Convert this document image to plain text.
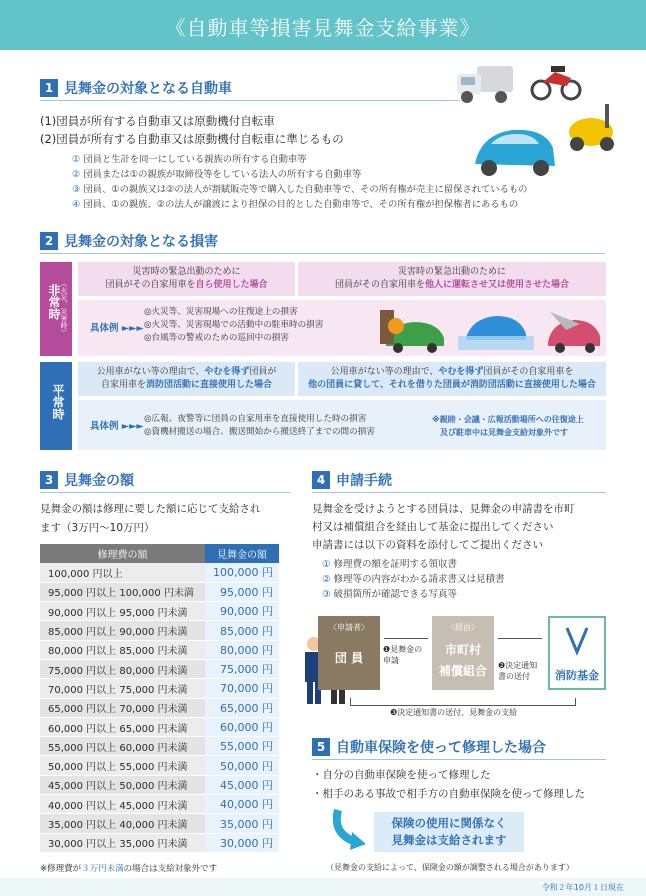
《自動車等損害見舞金支給事業》
1 見舞金の対象となる自動車
(1)団員が所有する自動車又は原動機付自転車
(2)団員が所有する自動車又は原動機付自転車に準じるもの
① 団員と生計を同一にしている親族の所有する自動車等
② 団員または①の親族が取締役等をしている法人の所有する自動車等
③ 団員、①の親族又は②の法人が割賦販売等で購入した自動車等で、その所有権が売主に留保されているもの
④ 団員、①の親族、②の法人が譲渡により担保の目的とした自動車等で、その所有権が担保権者にあるもの
2 見舞金の対象となる損害
非常時 （火災、災害時）
災害時の緊急出動のために
団員がその自家用車を自ら使用した場合
災害時の緊急出動のために
団員がその自家用車を他人に運転させ又は使用させた場合
具体例 ►►►
◎火災等、災害現場への往復途上の損害
◎火災等、災害現場での活動中の駐車時の損害
◎台風等の警戒のための巡回中の損害
平常時
公用車がない等の理由で、やむを得ず団員が
自家用車を消防団活動に直接使用した場合
公用車がない等の理由で、やむを得ず団員がその自家用車を
他の団員に貸して、それを借りた団員が消防団活動に直接使用した場合
具体例 ►►►
◎広報、夜警等に団員の自家用車を直接使用した時の損害
◎資機材搬送の場合、搬送開始から搬送終了までの間の損害
※親睦・会議・広報活動場所への往復途上
及び駐車中は見舞金支給対象外です
3 見舞金の額
見舞金の額は修理に要した額に応じて支給され
ます（3万円〜10万円）
修理費の額	見舞金の額
100,000 円以上	100,000 円
95,000 円以上 100,000 円未満	95,000 円
90,000 円以上 95,000 円未満	90,000 円
85,000 円以上 90,000 円未満	85,000 円
80,000 円以上 85,000 円未満	80,000 円
75,000 円以上 80,000 円未満	75,000 円
70,000 円以上 75,000 円未満	70,000 円
65,000 円以上 70,000 円未満	65,000 円
60,000 円以上 65,000 円未満	60,000 円
55,000 円以上 60,000 円未満	55,000 円
50,000 円以上 55,000 円未満	50,000 円
45,000 円以上 50,000 円未満	45,000 円
40,000 円以上 45,000 円未満	40,000 円
35,000 円以上 40,000 円未満	35,000 円
30,000 円以上 35,000 円未満	30,000 円
※修理費が３万円未満の場合は支給対象外です
4 申請手続
見舞金を受けようとする団員は、見舞金の申請書を市町
村又は補償組合を経由して基金に提出してください
申請書には以下の資料を添付してご提出ください
① 修理費の額を証明する領収書
② 修理等の内容がわかる請求書又は見積書
③ 破損箇所が確認できる写真等
〈申請者〉
団 員
❶見舞金の申請
〈経由〉
市町村
補償組合	❷決定通知書の送付	消防基金
❸決定通知書の送付、見舞金の支給
5 自動車保険を使って修理した場合
・自分の自動車保険を使って修理した
・相手のある事故で相手方の自動車保険を使って修理した
保険の使用に関係なく
見舞金は支給されます
（見舞金の支給によって、保険金の額が調整される場合があります）
令和２年10月１日現在
